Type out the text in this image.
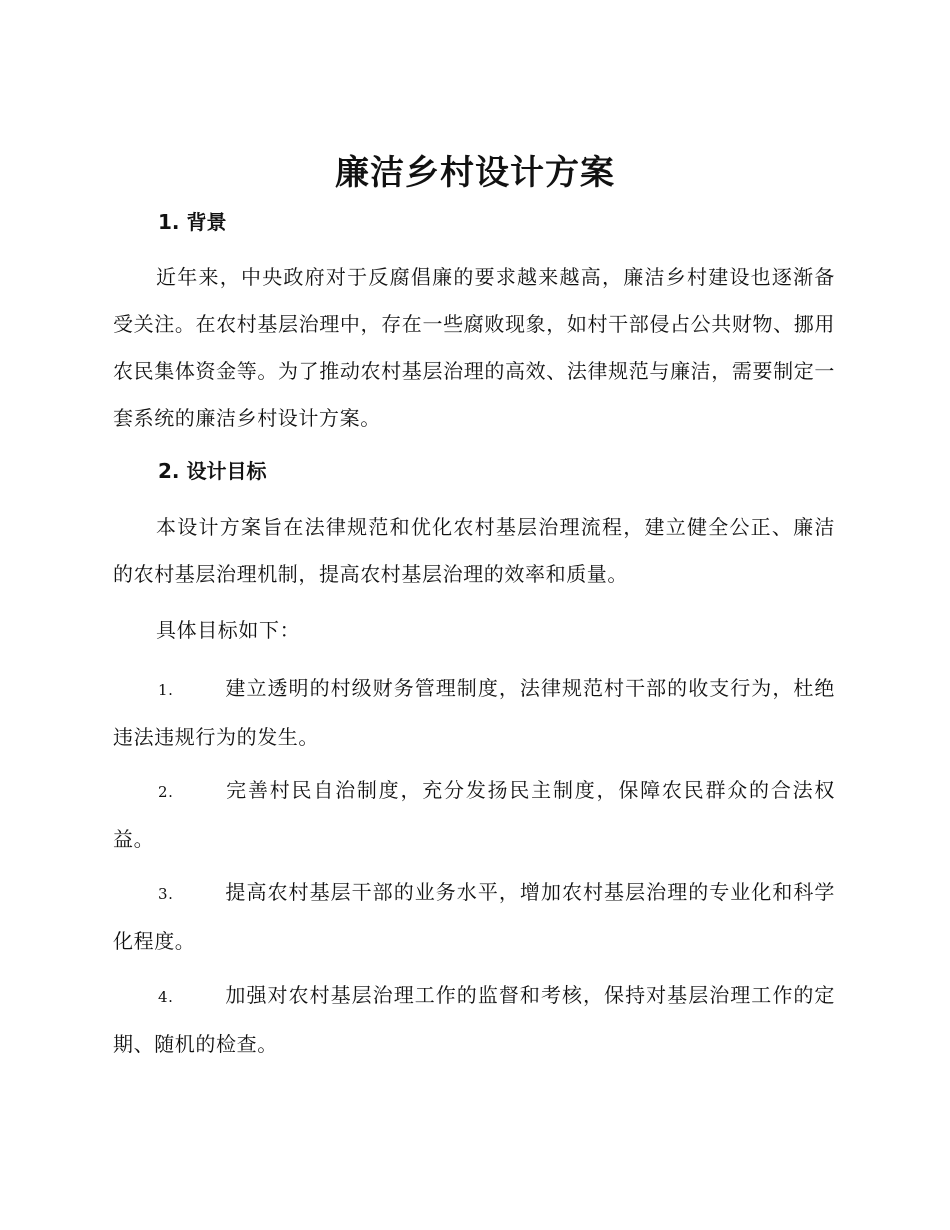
廉洁乡村设计方案
1. 背景
近年来，中央政府对于反腐倡廉的要求越来越高，廉洁乡村建设也逐渐备受关注。在农村基层治理中，存在一些腐败现象，如村干部侵占公共财物、挪用农民集体资金等。为了推动农村基层治理的高效、法律规范与廉洁，需要制定一套系统的廉洁乡村设计方案。
2. 设计目标
本设计方案旨在法律规范和优化农村基层治理流程，建立健全公正、廉洁的农村基层治理机制，提高农村基层治理的效率和质量。
具体目标如下：
1.	建立透明的村级财务管理制度，法律规范村干部的收支行为，杜绝违法违规行为的发生。
2.	完善村民自治制度，充分发扬民主制度，保障农民群众的合法权益。
3.	提高农村基层干部的业务水平，增加农村基层治理的专业化和科学化程度。
4.	加强对农村基层治理工作的监督和考核，保持对基层治理工作的定期、随机的检查。
